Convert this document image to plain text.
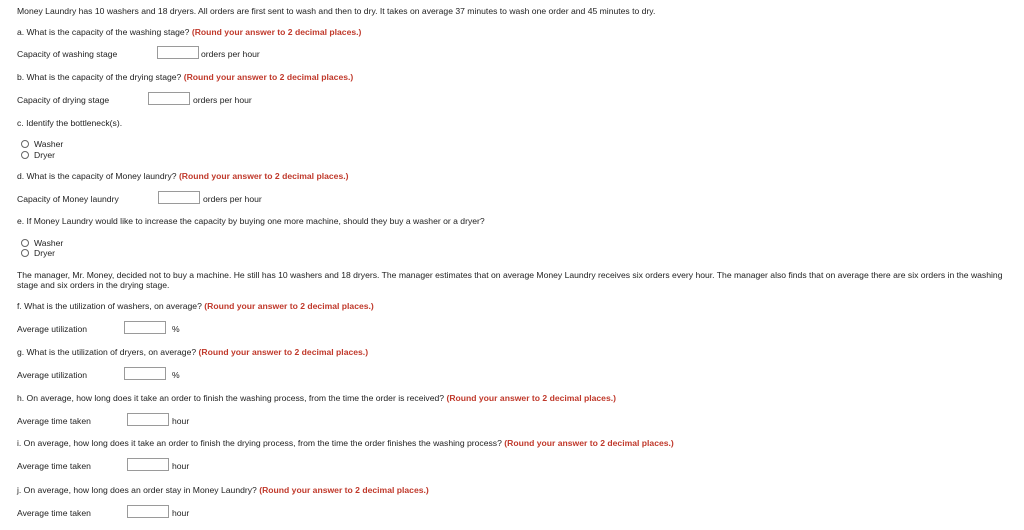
Money Laundry has 10 washers and 18 dryers. All orders are first sent to wash and then to dry. It takes on average 37 minutes to wash one order and 45 minutes to dry.
a. What is the capacity of the washing stage? (Round your answer to 2 decimal places.)
Capacity of washing stage	orders per hour
b. What is the capacity of the drying stage? (Round your answer to 2 decimal places.)
Capacity of drying stage	orders per hour
c. Identify the bottleneck(s).
Washer
Dryer
d. What is the capacity of Money laundry? (Round your answer to 2 decimal places.)
Capacity of Money laundry	orders per hour
e. If Money Laundry would like to increase the capacity by buying one more machine, should they buy a washer or a dryer?
Washer
Dryer
The manager, Mr. Money, decided not to buy a machine. He still has 10 washers and 18 dryers. The manager estimates that on average Money Laundry receives six orders every hour. The manager also finds that on average there are six orders in the washing stage and six orders in the drying stage.
f. What is the utilization of washers, on average? (Round your answer to 2 decimal places.)
Average utilization	%
g. What is the utilization of dryers, on average? (Round your answer to 2 decimal places.)
Average utilization	%
h. On average, how long does it take an order to finish the washing process, from the time the order is received? (Round your answer to 2 decimal places.)
Average time taken	hour
i. On average, how long does it take an order to finish the drying process, from the time the order finishes the washing process? (Round your answer to 2 decimal places.)
Average time taken	hour
j. On average, how long does an order stay in Money Laundry? (Round your answer to 2 decimal places.)
Average time taken	hour
